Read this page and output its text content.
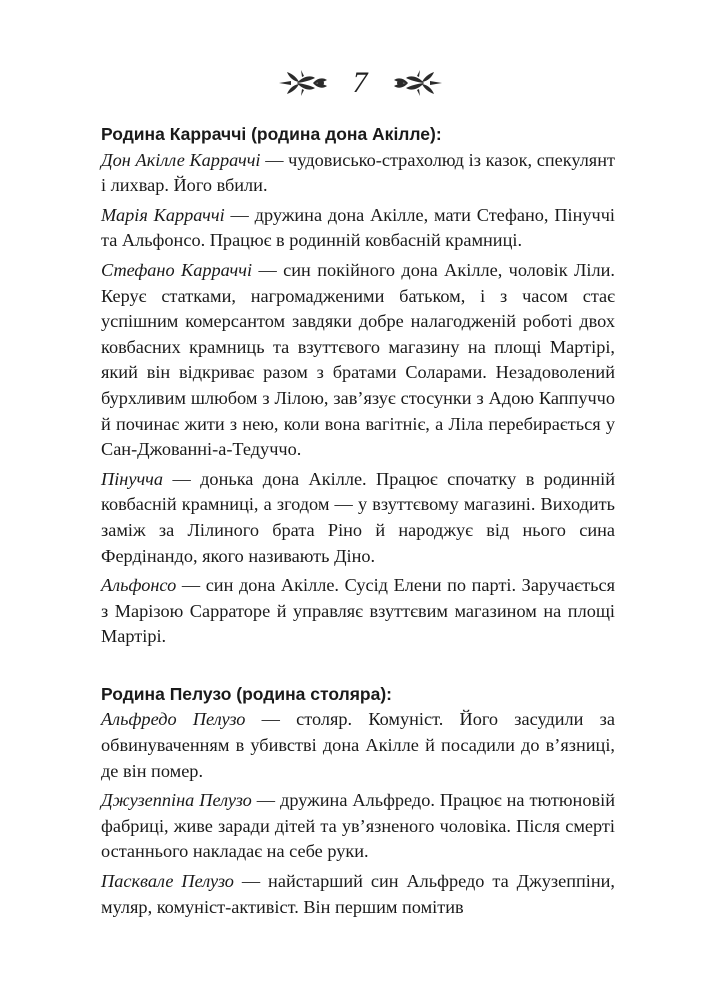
7
Родина Карраччі (родина дона Акілле):

Дон Акілле Карраччі — чудовисько-страхолюд із казок, спекулянт і лихвар. Його вбили.

Марія Карраччі — дружина дона Акілле, мати Стефано, Пінуччі та Альфонсо. Працює в родинній ковбасній крамниці.

Стефано Карраччі — син покійного дона Акілле, чоловік Ліли. Керує статками, нагромадженими батьком, і з часом стає успішним комерсантом завдяки добре налагодженій роботі двох ковбасних крамниць та взуттєвого магазину на площі Мартірі, який він відкриває разом з братами Соларами. Незадоволений бурхливим шлюбом з Лілою, зав’язує стосунки з Адою Каппуччо й починає жити з нею, коли вона вагітніє, а Ліла перебирається у Сан-Джованні-а-Тедуччо.

Пінучча — донька дона Акілле. Працює спочатку в родинній ковбасній крамниці, а згодом — у взуттєвому магазині. Виходить заміж за Лілиного брата Ріно й народжує від нього сина Фердінандо, якого називають Діно.

Альфонсо — син дона Акілле. Сусід Елени по парті. Заручається з Марізою Сарраторе й управляє взуттєвим магазином на площі Мартірі.

Родина Пелузо (родина столяра):

Альфредо Пелузо — столяр. Комуніст. Його засудили за обвинуваченням в убивстві дона Акілле й посадили до в’язниці, де він помер.

Джузеппіна Пелузо — дружина Альфредо. Працює на тютюновій фабриці, живе заради дітей та ув’язненого чоловіка. Після смерті останнього накладає на себе руки.

Пасквале Пелузо — найстарший син Альфредо та Джузеппіни, муляр, комуніст-активіст. Він першим помітив
